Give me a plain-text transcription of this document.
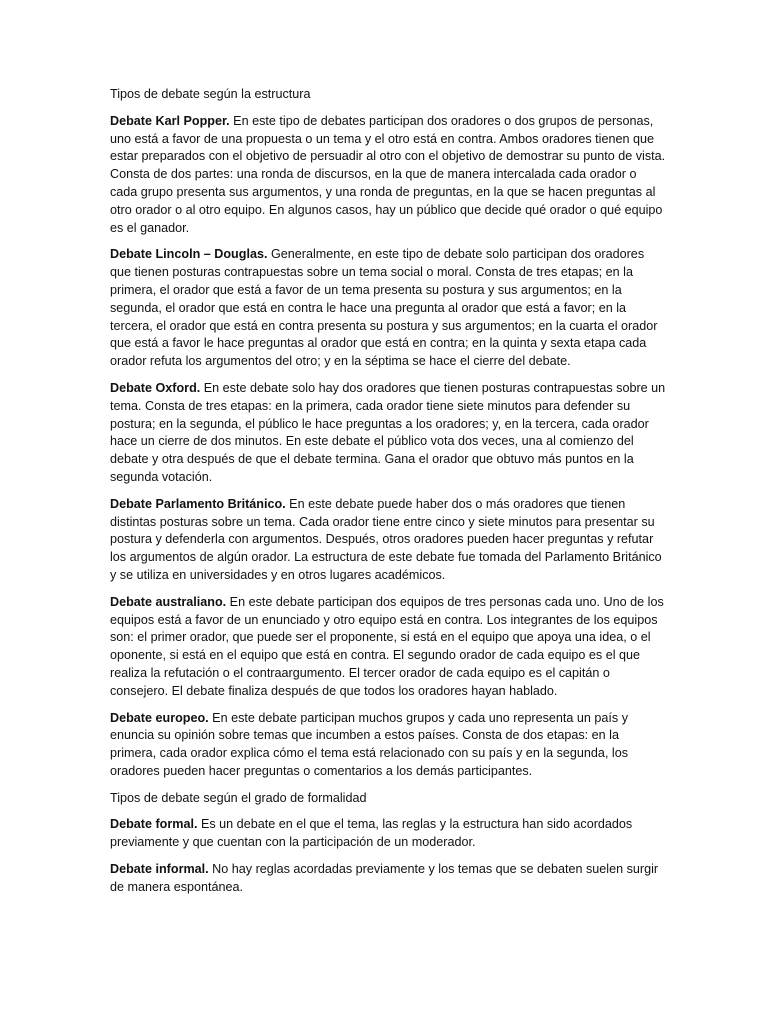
Tipos de debate según la estructura

Debate Karl Popper. En este tipo de debates participan dos oradores o dos grupos de personas, uno está a favor de una propuesta o un tema y el otro está en contra. Ambos oradores tienen que estar preparados con el objetivo de persuadir al otro con el objetivo de demostrar su punto de vista. Consta de dos partes: una ronda de discursos, en la que de manera intercalada cada orador o cada grupo presenta sus argumentos, y una ronda de preguntas, en la que se hacen preguntas al otro orador o al otro equipo. En algunos casos, hay un público que decide qué orador o qué equipo es el ganador.

Debate Lincoln – Douglas. Generalmente, en este tipo de debate solo participan dos oradores que tienen posturas contrapuestas sobre un tema social o moral. Consta de tres etapas; en la primera, el orador que está a favor de un tema presenta su postura y sus argumentos; en la segunda, el orador que está en contra le hace una pregunta al orador que está a favor; en la tercera, el orador que está en contra presenta su postura y sus argumentos; en la cuarta el orador que está a favor le hace preguntas al orador que está en contra; en la quinta y sexta etapa cada orador refuta los argumentos del otro; y en la séptima se hace el cierre del debate.

Debate Oxford. En este debate solo hay dos oradores que tienen posturas contrapuestas sobre un tema. Consta de tres etapas: en la primera, cada orador tiene siete minutos para defender su postura; en la segunda, el público le hace preguntas a los oradores; y, en la tercera, cada orador hace un cierre de dos minutos. En este debate el público vota dos veces, una al comienzo del debate y otra después de que el debate termina. Gana el orador que obtuvo más puntos en la segunda votación.

Debate Parlamento Británico. En este debate puede haber dos o más oradores que tienen distintas posturas sobre un tema. Cada orador tiene entre cinco y siete minutos para presentar su postura y defenderla con argumentos. Después, otros oradores pueden hacer preguntas y refutar los argumentos de algún orador. La estructura de este debate fue tomada del Parlamento Británico y se utiliza en universidades y en otros lugares académicos.

Debate australiano. En este debate participan dos equipos de tres personas cada uno. Uno de los equipos está a favor de un enunciado y otro equipo está en contra. Los integrantes de los equipos son: el primer orador, que puede ser el proponente, si está en el equipo que apoya una idea, o el oponente, si está en el equipo que está en contra. El segundo orador de cada equipo es el que realiza la refutación o el contraargumento. El tercer orador de cada equipo es el capitán o consejero. El debate finaliza después de que todos los oradores hayan hablado.

Debate europeo. En este debate participan muchos grupos y cada uno representa un país y enuncia su opinión sobre temas que incumben a estos países. Consta de dos etapas: en la primera, cada orador explica cómo el tema está relacionado con su país y en la segunda, los oradores pueden hacer preguntas o comentarios a los demás participantes.

Tipos de debate según el grado de formalidad

Debate formal. Es un debate en el que el tema, las reglas y la estructura han sido acordados previamente y que cuentan con la participación de un moderador.

Debate informal. No hay reglas acordadas previamente y los temas que se debaten suelen surgir de manera espontánea.
